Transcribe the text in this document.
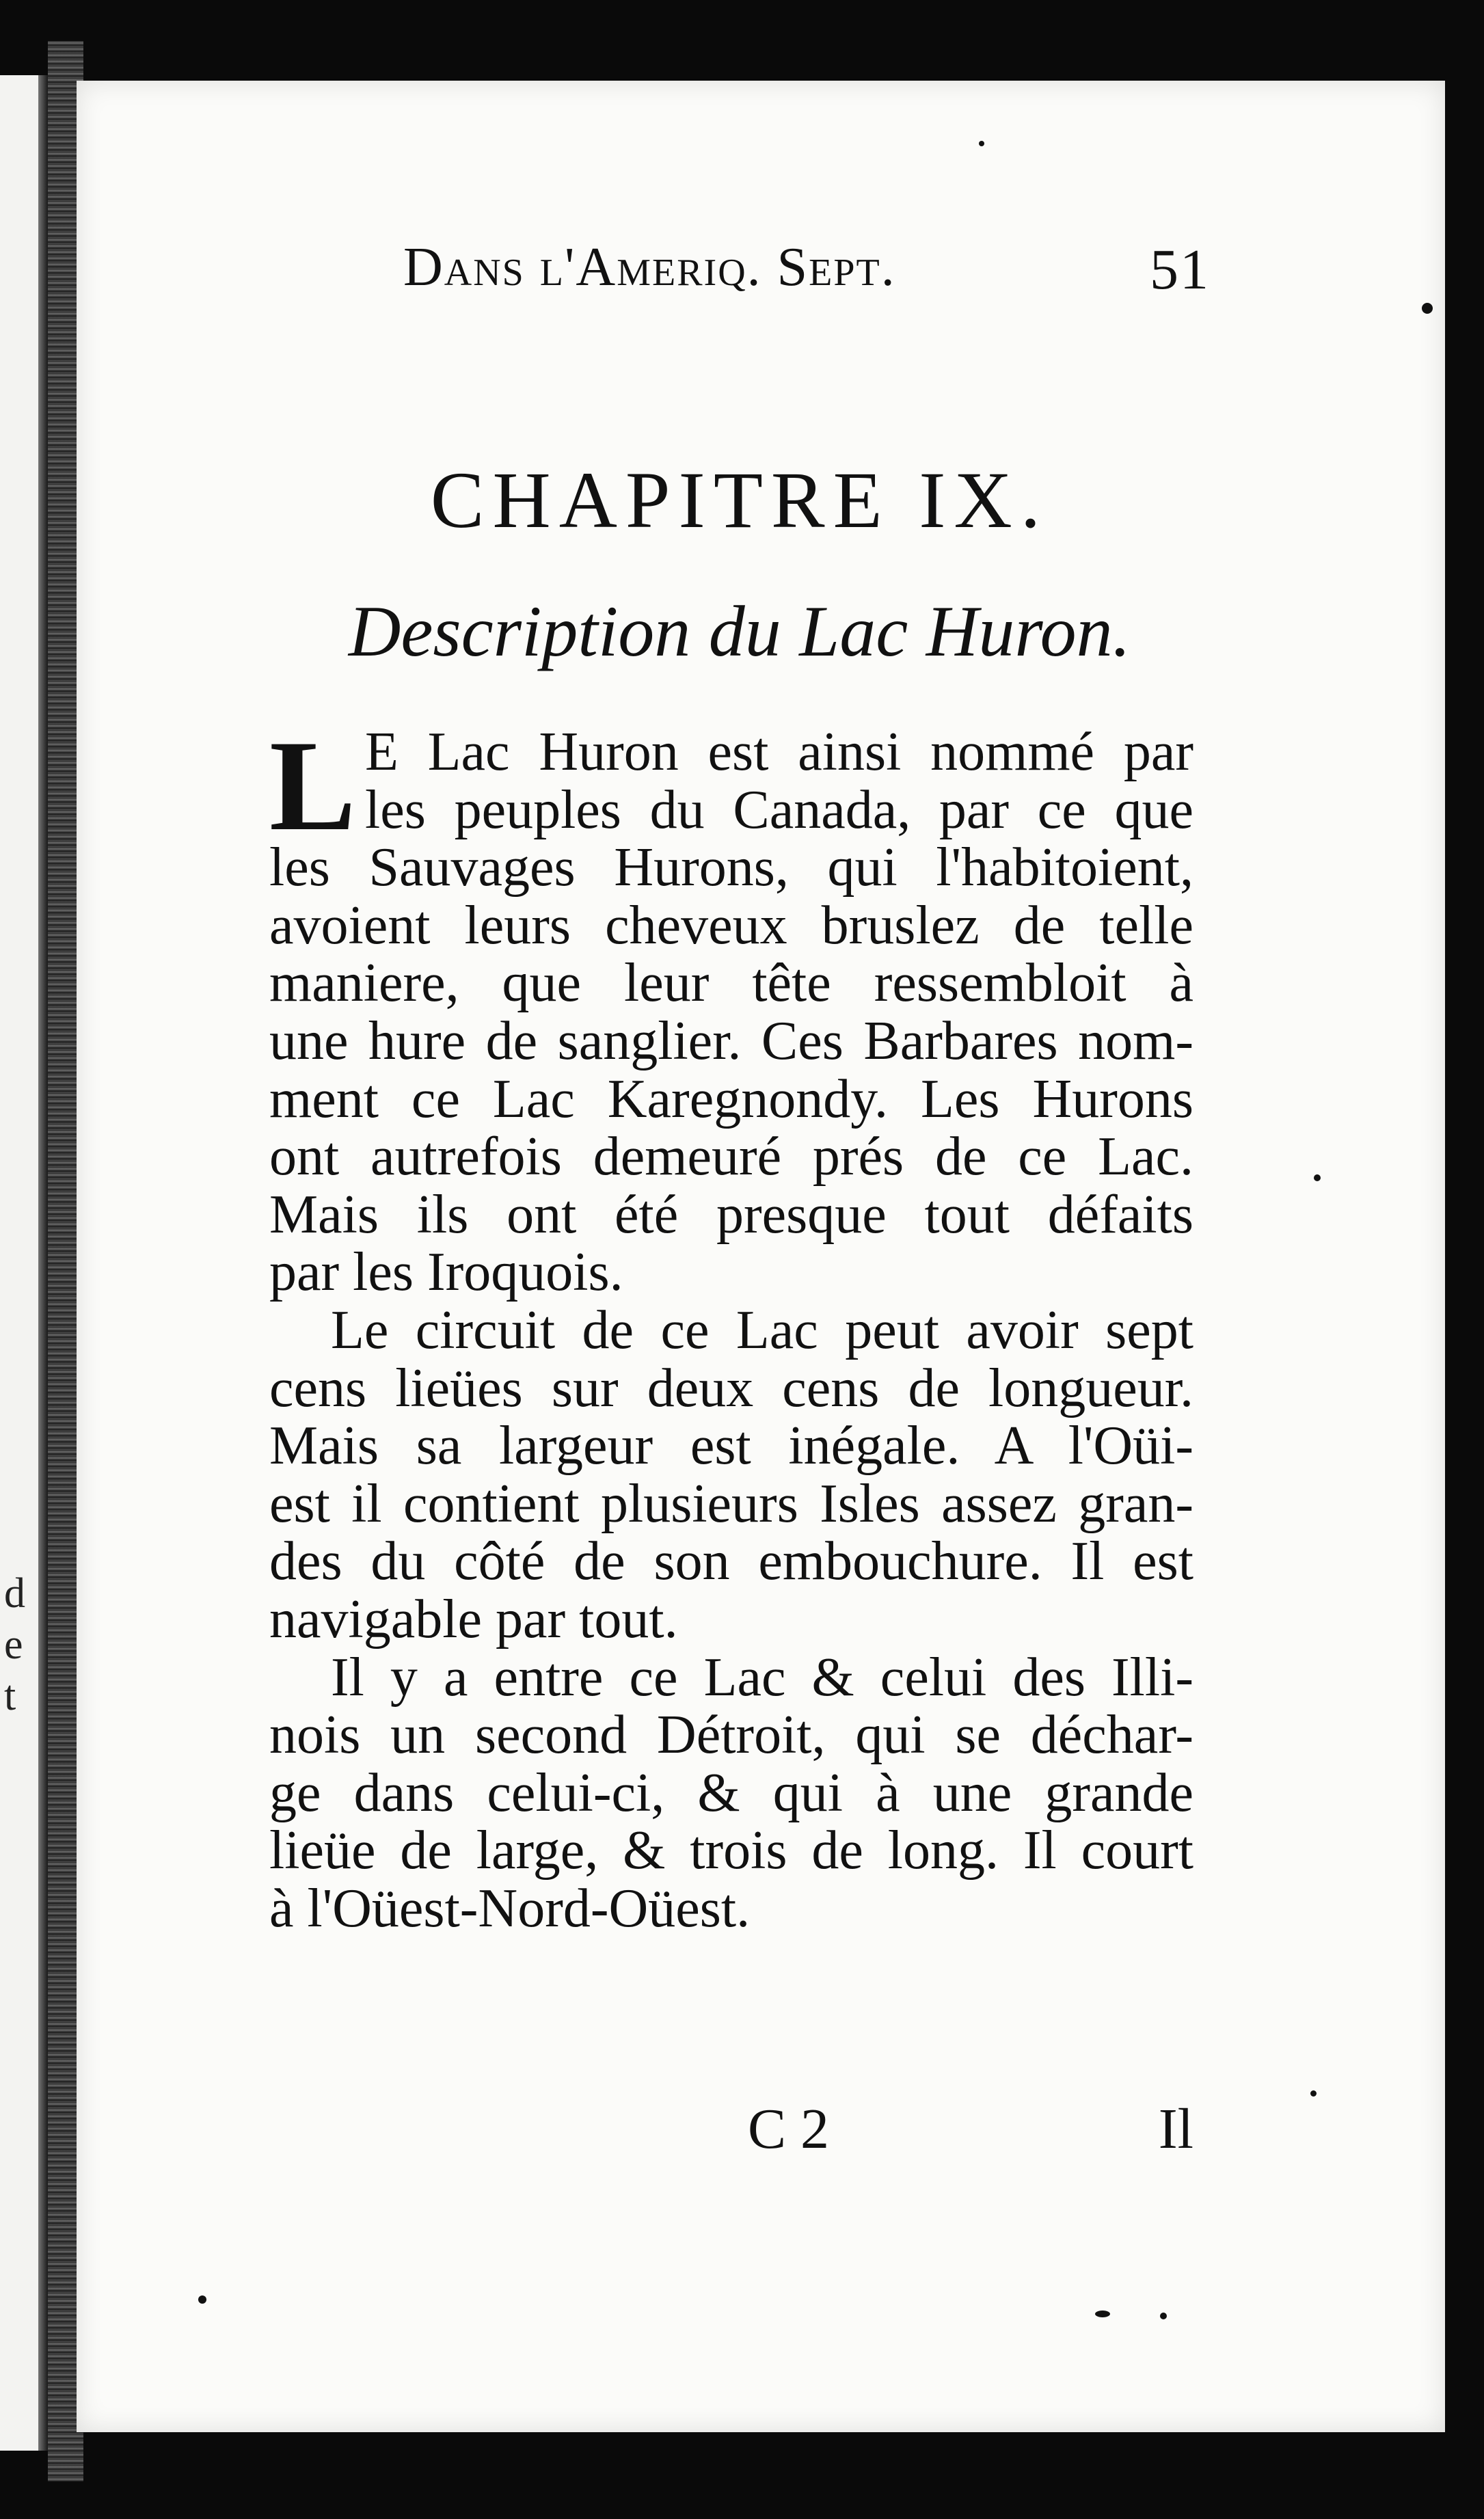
d
e
t
Dans l'Ameriq. Sept.	51
CHAPITRE IX.
Description du Lac Huron.
L E Lac Huron est ainsi nommé par
les peuples du Canada, par ce que
les Sauvages Hurons, qui l'habitoient,
avoient leurs cheveux bruslez de telle
maniere, que leur tête ressembloit à
une hure de sanglier. Ces Barbares nom-
ment ce Lac Karegnondy. Les Hurons
ont autrefois demeuré prés de ce Lac.
Mais ils ont été presque tout défaits
par les Iroquois.
Le circuit de ce Lac peut avoir sept
cens lieües sur deux cens de longueur.
Mais sa largeur est inégale. A l'Oüi-
est il contient plusieurs Isles assez gran-
des du côté de son embouchure. Il est
navigable par tout.
Il y a entre ce Lac & celui des Illi-
nois un second Détroit, qui se déchar-
ge dans celui-ci, & qui à une grande
lieüe de large, & trois de long. Il court
à l'Oüest-Nord-Oüest.
C 2	Il
